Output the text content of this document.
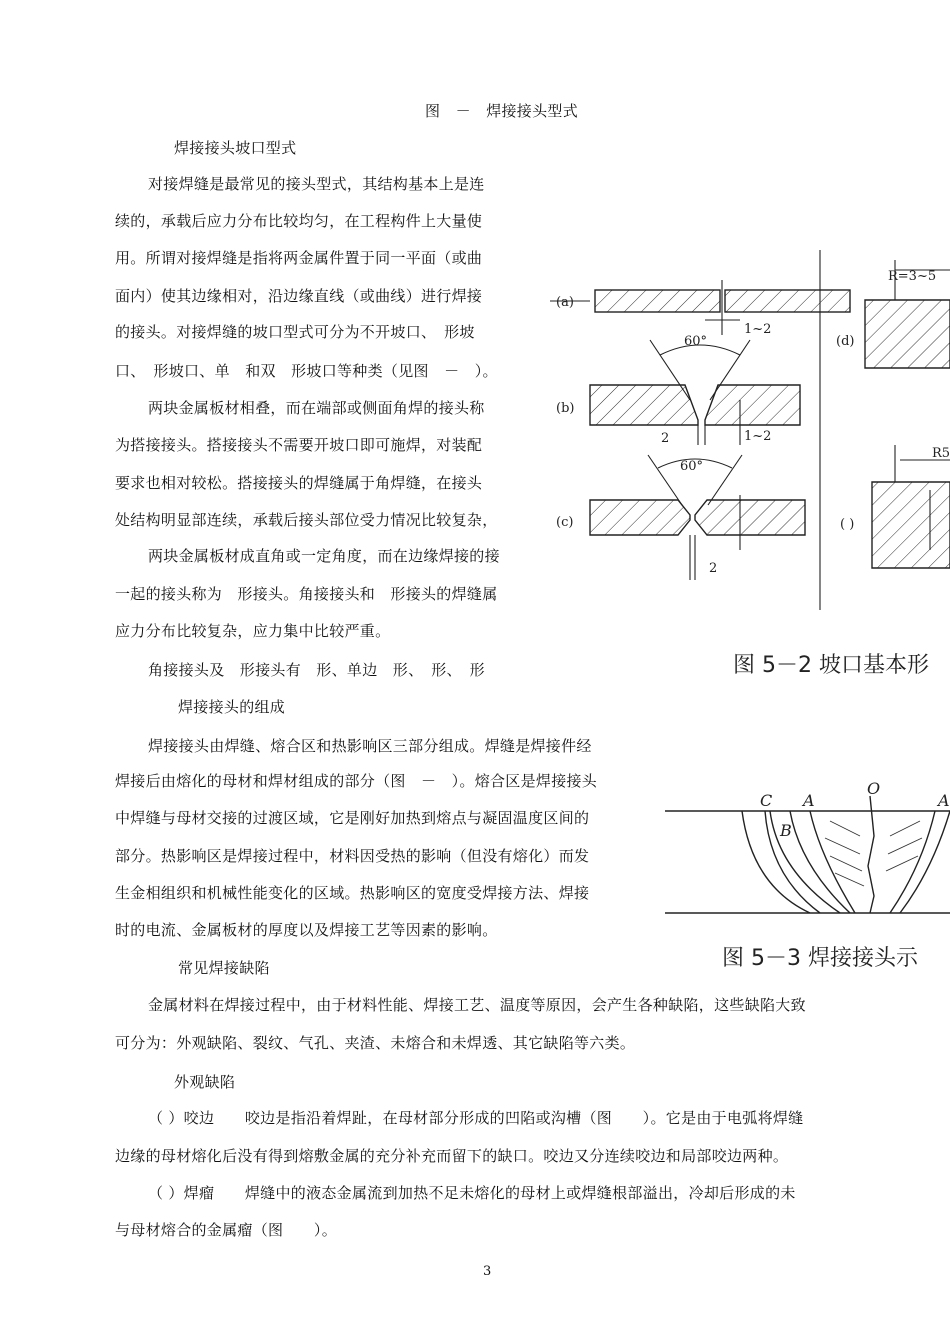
图　－　焊接接头型式
焊接接头坡口型式
对接焊缝是最常见的接头型式，其结构基本上是连
续的，承载后应力分布比较均匀，在工程构件上大量使
用。所谓对接焊缝是指将两金属件置于同一平面（或曲
面内）使其边缘相对，沿边缘直线（或曲线）进行焊接
的接头。对接焊缝的坡口型式可分为不开坡口、　形坡
口、　形坡口、单　和双　形坡口等种类（见图　－　）。
两块金属板材相叠，而在端部或侧面角焊的接头称
为搭接接头。搭接接头不需要开坡口即可施焊，对装配
要求也相对较松。搭接接头的焊缝属于角焊缝，在接头
处结构明显部连续，承载后接头部位受力情况比较复杂，
两块金属板材成直角或一定角度，而在边缘焊接的接
一起的接头称为　形接头。角接接头和　形接头的焊缝属
应力分布比较复杂，应力集中比较严重。
角接接头及　形接头有　形、单边　形、　形、　形
焊接接头的组成
焊接接头由焊缝、熔合区和热影响区三部分组成。焊缝是焊接件经
焊接后由熔化的母材和焊材组成的部分（图　－　）。熔合区是焊接接头
中焊缝与母材交接的过渡区域，它是刚好加热到熔点与凝固温度区间的
部分。热影响区是焊接过程中，材料因受热的影响（但没有熔化）而发
生金相组织和机械性能变化的区域。热影响区的宽度受焊接方法、焊接
时的电流、金属板材的厚度以及焊接工艺等因素的影响。
常见焊接缺陷
金属材料在焊接过程中，由于材料性能、焊接工艺、温度等原因，会产生各种缺陷，这些缺陷大致
可分为：外观缺陷、裂纹、气孔、夹渣、未熔合和未焊透、其它缺陷等六类。
外观缺陷
（ ）咬边　　咬边是指沿着焊趾，在母材部分形成的凹陷或沟槽（图　　）。它是由于电弧将焊缝
边缘的母材熔化后没有得到熔敷金属的充分补充而留下的缺口。咬边又分连续咬边和局部咬边两种。
（ ）焊瘤　　焊缝中的液态金属流到加热不足未熔化的母材上或焊缝根部溢出，冷却后形成的未
与母材熔合的金属瘤（图　　）。
3
(a)
(b)
(c)
(d)
( )
60°
60°
1~2
2	1~2
2
R=3~5
R5
图 5－2 坡口基本形
C A
O
A
B
图 5－3 焊接接头示
